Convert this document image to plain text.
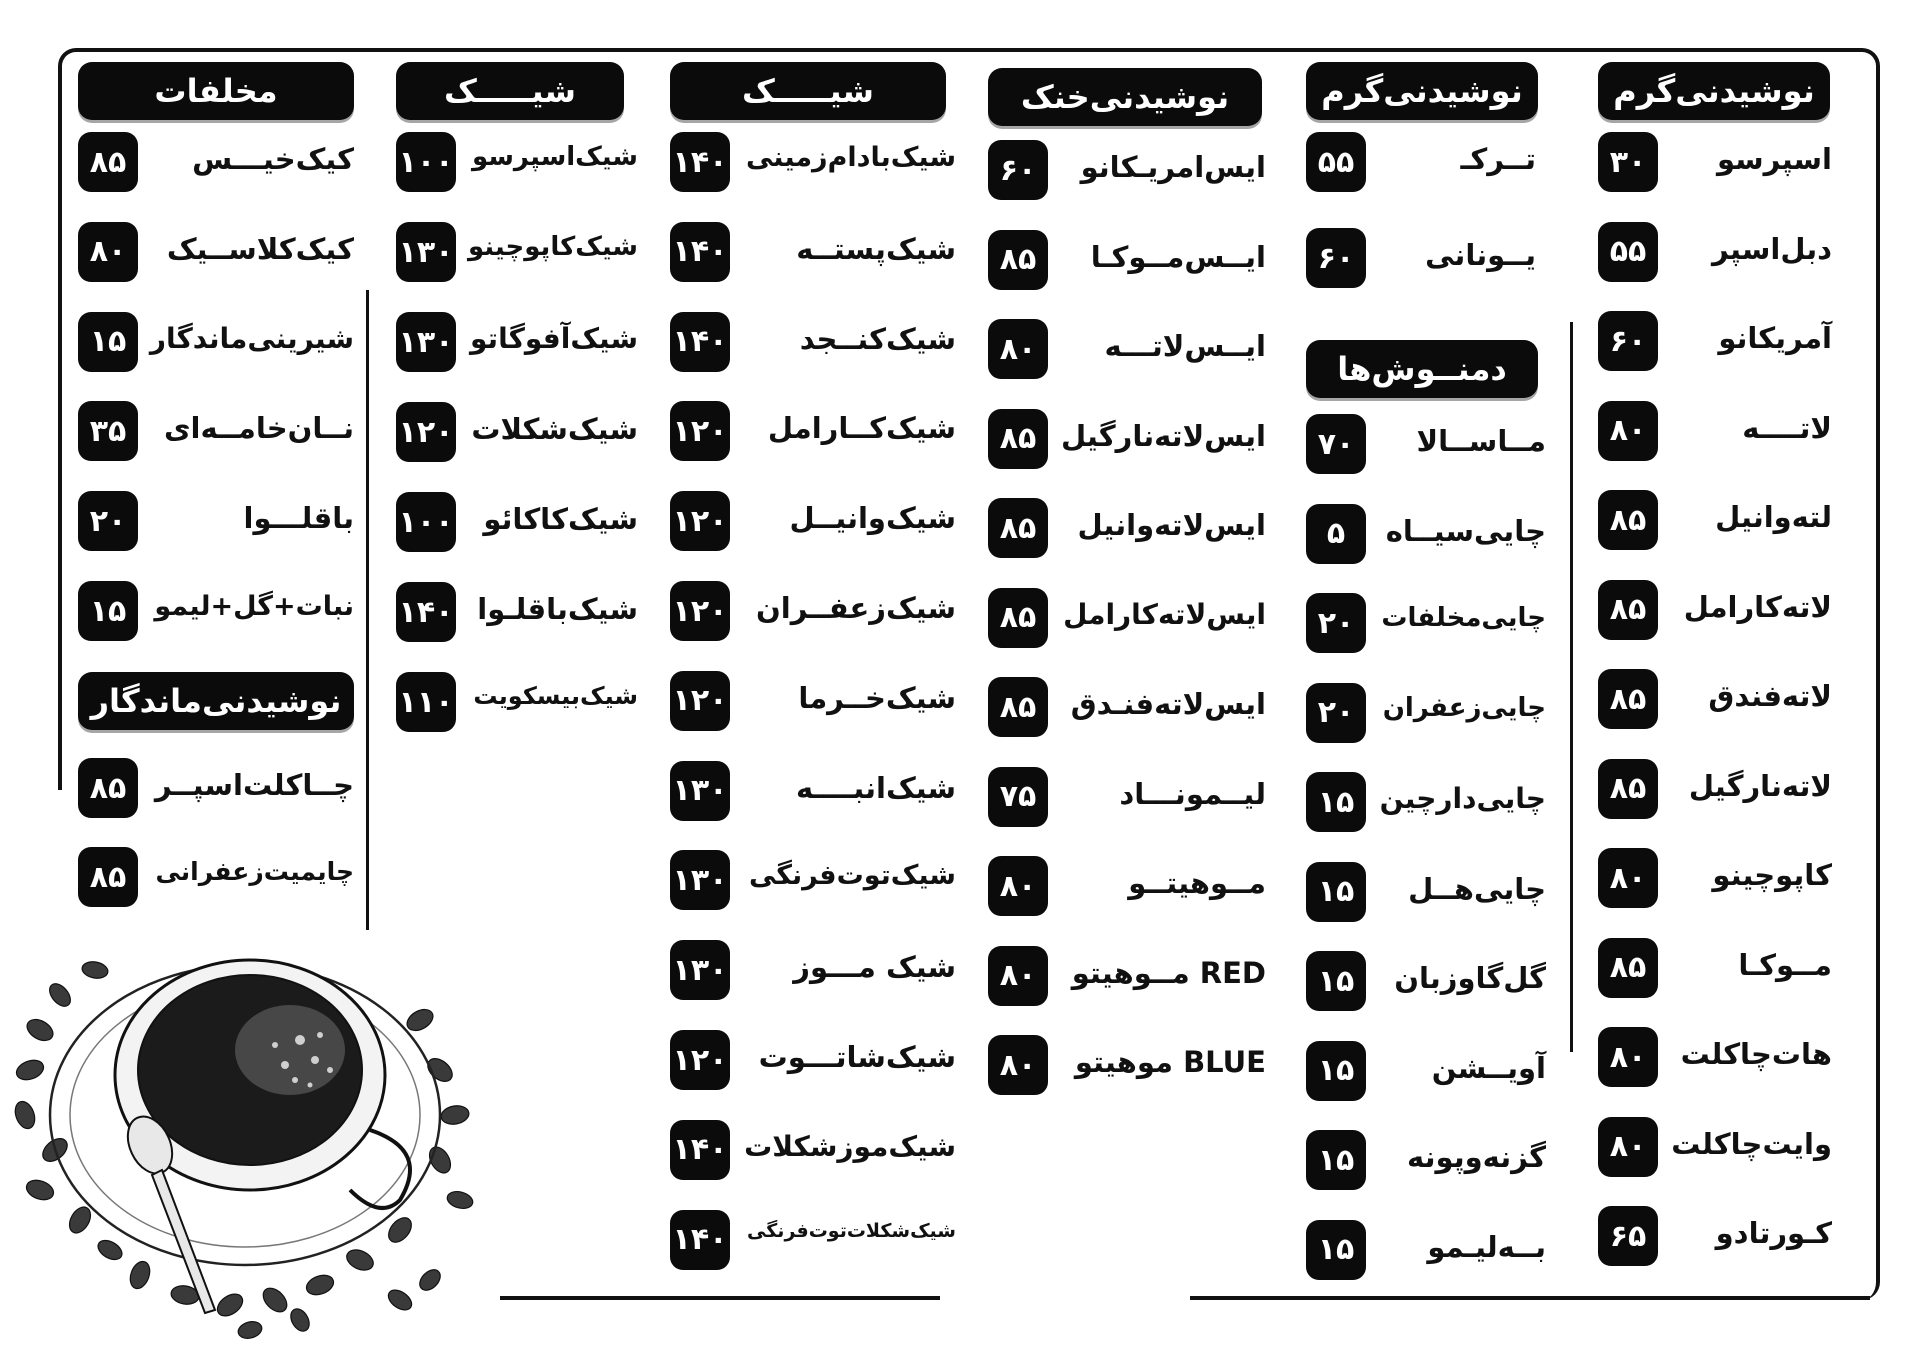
نوشیدنی‌گرم
نوشیدنی‌گرم
دمنــوش‌ها
نوشیدنی‌خنک
شیـــــک
شیـــــک
مخلفات
نوشیدنی‌ماندگار
۳۰	اسپرسو
۵۵	دبل‌اسپر
۶۰	آمریکانو
۸۰	لاتــــه
۸۵	لته‌وانیل
۸۵	لاته‌کارامل
۸۵	لاته‌فندق
۸۵	لاته‌نارگیل
۸۰	کاپوچینو
۸۵	مــوکـا
۸۰	هات‌چاکلت
۸۰ وایت‌چاکلت
۶۵	کـورتادو
۵۵	تــرکـ
۶۰	یــونانی
۷۰	مــاســالا
۵	چایی‌سیــاه
۲۰	چایی‌مخلفات
۲۰	چایی‌زعفران
۱۵ چایی‌دارچین
۱۵	چایی‌هــل
۱۵	گل‌گاوزبان
۱۵	آویــشن
۱۵	گزنه‌وپونه
۱۵	بــه‌لیـمو
۶۰	ایس‌امریـکانو
۸۵	ایــس‌مــوکـا
۸۰	ایــس‌لاتـــه
۸۵ ایس‌لاته‌نارگیل
۸۵	ایس‌لاته‌وانیل
۸۵ ایس‌لاته‌کارامل
۸۵	ایس‌لاته‌فنـدق
۷۵	لیــمونـــاد
۸۰	مــوهیتــو
۸۰	RED مــوهیتو
۸۰	BLUE موهیتو
۱۴۰ شیک‌بادام‌زمینی
۱۴۰ شیک‌پستــه
۱۴۰ شیک‌کنــجد
۱۲۰ شیک‌کــارامل
۱۲۰ شیک‌وانیــل
۱۲۰ شیک‌زعفــران
۱۲۰ شیک‌خــرما
۱۳۰ شیک‌انبــــه
۱۳۰ شیک‌توت‌فرنگی
۱۳۰ شیک مـــوز
۱۲۰ شیک‌شاتـــوت
۱۴۰ شیک‌موزشکلات
۱۴۰ شیک‌شکلات‌توت‌فرنگی
۱۰۰ شیک‌اسپرسو
۱۳۰ شیک‌کاپوچینو
۱۳۰ شیک‌آفوگاتو
۱۲۰ شیک‌شکلات
۱۰۰ شیک‌کاکائو
۱۴۰ شیک‌باقلـوا
۱۱۰ شیک‌بیسکویت
۸۵	کیک‌خیـــس
۸۰	کیک‌کلاســیک
۱۵ شیرینی‌ماندگار
۳۵	نــان‌خامــه‌ای
۲۰	باقلـــوا
۱۵	نبات+گل+لیمو
۸۵ چــاکلت‌اسپــر
۸۵	چایمیت‌زعفرانی
